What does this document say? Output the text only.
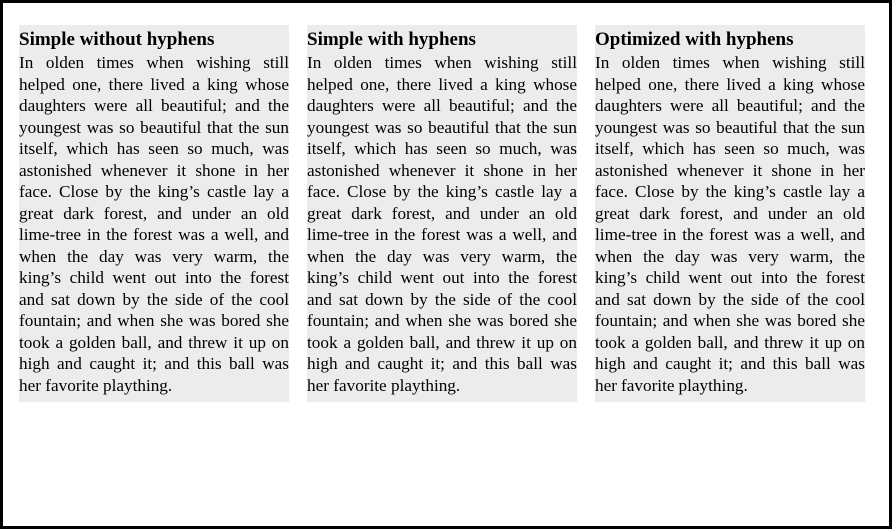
Simple without hyphens

In olden times when wishing still helped one, there lived a king whose daughters were all beautiful; and the youngest was so beautiful that the sun itself, which has seen so much, was astonished whenever it shone in her face. Close by the king’s castle lay a great dark forest, and under an old lime-tree in the forest was a well, and when the day was very warm, the king’s child went out into the forest and sat down by the side of the cool fountain; and when she was bored she took a golden ball, and threw it up on high and caught it; and this ball was her favorite plaything.

Simple with hyphens

In olden times when wishing still helped one, there lived a king whose daughters were all beautiful; and the youngest was so beautiful that the sun itself, which has seen so much, was astonished whenever it shone in her face. Close by the king’s castle lay a great dark forest, and under an old lime-tree in the forest was a well, and when the day was very warm, the king’s child went out into the forest and sat down by the side of the cool fountain; and when she was bored she took a golden ball, and threw it up on high and caught it; and this ball was her favorite plaything.

Optimized with hyphens

In olden times when wishing still helped one, there lived a king whose daughters were all beautiful; and the youngest was so beautiful that the sun itself, which has seen so much, was astonished whenever it shone in her face. Close by the king’s castle lay a great dark forest, and under an old lime-tree in the forest was a well, and when the day was very warm, the king’s child went out into the forest and sat down by the side of the cool fountain; and when she was bored she took a golden ball, and threw it up on high and caught it; and this ball was her favorite plaything.
